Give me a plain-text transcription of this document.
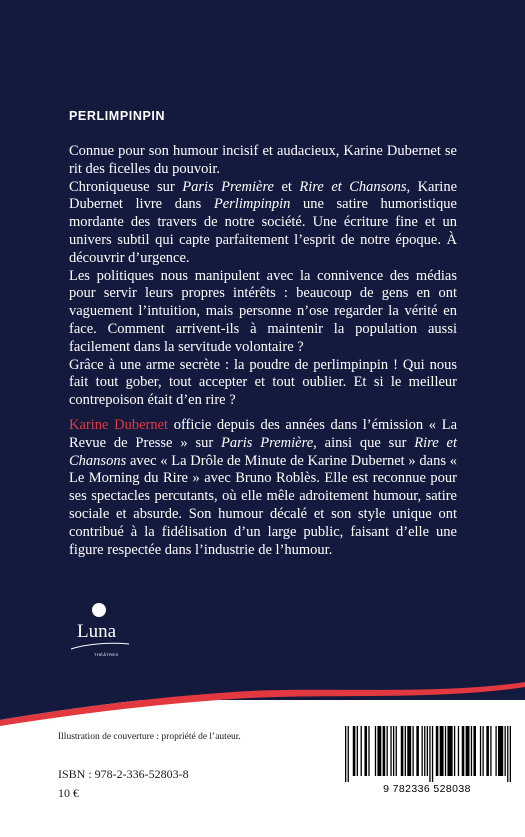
PERLIMPINPIN

Connue pour son humour incisif et audacieux, Karine Dubernet se rit des ficelles du pouvoir.

Chroniqueuse sur Paris Première et Rire et Chansons, Karine Dubernet livre dans Perlimpinpin une satire humoristique mordante des travers de notre société. Une écriture fine et un univers subtil qui capte parfaitement l’esprit de notre époque. À découvrir d’urgence.

Les politiques nous manipulent avec la connivence des médias pour servir leurs propres intérêts : beaucoup de gens en ont vaguement l’intuition, mais personne n’ose regarder la vérité en face. Comment arrivent-ils à maintenir la population aussi facilement dans la servitude volontaire ?

Grâce à une arme secrète : la poudre de perlimpinpin ! Qui nous fait tout gober, tout accepter et tout oublier. Et si le meilleur contrepoison était d’en rire ?

Karine Dubernet officie depuis des années dans l’émission « La Revue de Presse » sur Paris Première, ainsi que sur Rire et Chansons avec « La Drôle de Minute de Karine Dubernet » dans « Le Morning du Rire » avec Bruno Roblès. Elle est reconnue pour ses spectacles percutants, où elle mêle adroitement humour, satire sociale et absurde. Son humour décalé et son style unique ont contribué à la fidélisation d’un large public, faisant d’elle une figure respectée dans l’industrie de l’humour.

Luna
THÉÂTRES
Illustration de couverture : propriété de l’auteur.
ISBN : 978-2-336-52803-8
10 €	9 782336 528038
